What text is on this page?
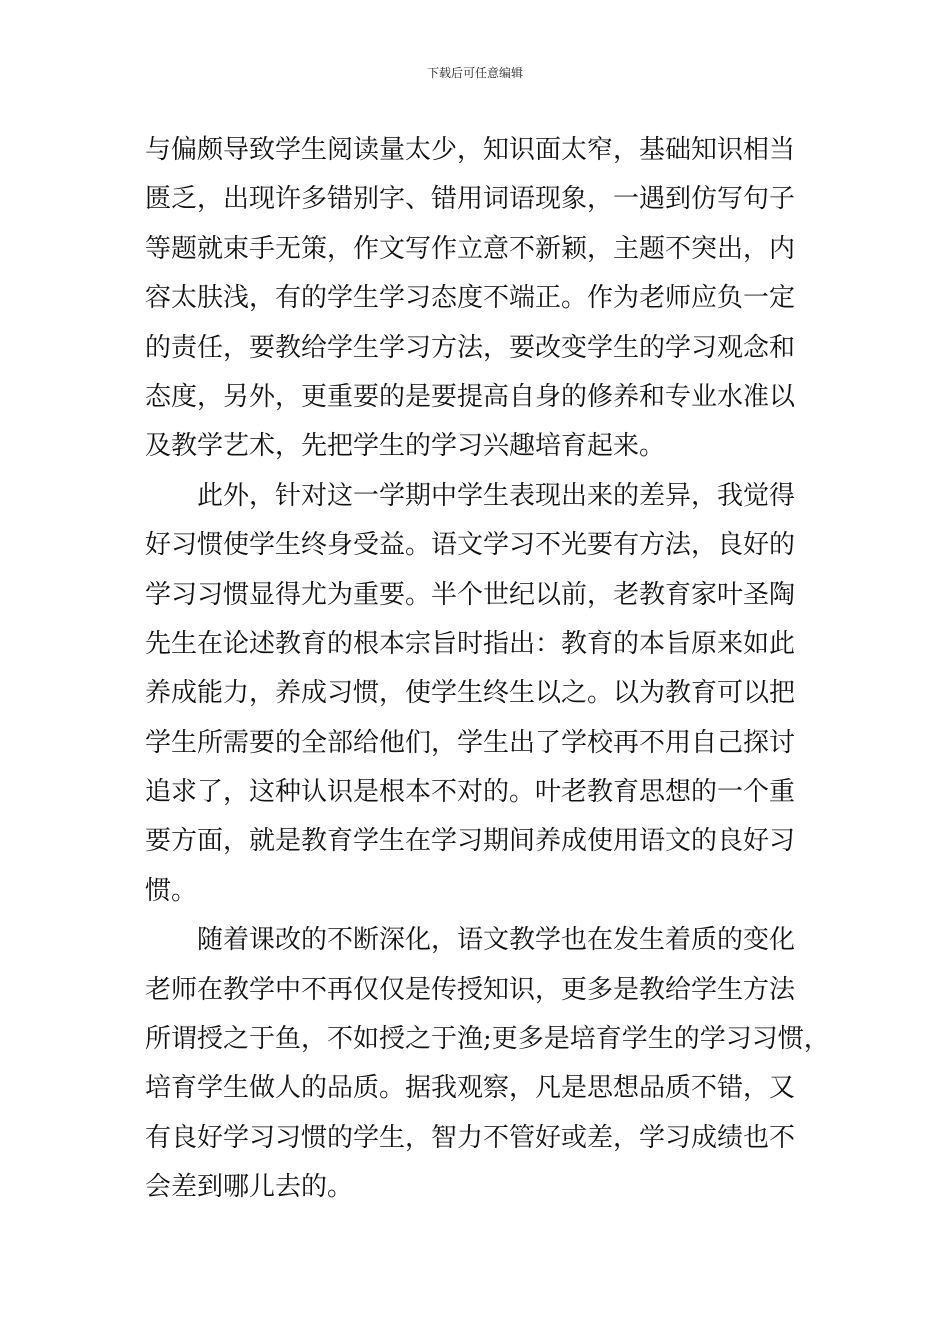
下载后可任意编辑
与偏颇导致学生阅读量太少，知识面太窄，基础知识相当
匮乏，出现许多错别字、错用词语现象，一遇到仿写句子
等题就束手无策，作文写作立意不新颖，主题不突出，内
容太肤浅，有的学生学习态度不端正。作为老师应负一定
的责任，要教给学生学习方法，要改变学生的学习观念和
态度，另外，更重要的是要提高自身的修养和专业水准以
及教学艺术，先把学生的学习兴趣培育起来。
　　此外，针对这一学期中学生表现出来的差异，我觉得
好习惯使学生终身受益。语文学习不光要有方法，良好的
学习习惯显得尤为重要。半个世纪以前，老教育家叶圣陶
先生在论述教育的根本宗旨时指出：教育的本旨原来如此
养成能力，养成习惯，使学生终生以之。以为教育可以把
学生所需要的全部给他们，学生出了学校再不用自己探讨
追求了，这种认识是根本不对的。叶老教育思想的一个重
要方面，就是教育学生在学习期间养成使用语文的良好习
惯。
　　随着课改的不断深化，语文教学也在发生着质的变化
老师在教学中不再仅仅是传授知识，更多是教给学生方法
所谓授之于鱼，不如授之于渔;更多是培育学生的学习习惯，
培育学生做人的品质。据我观察，凡是思想品质不错，又
有良好学习习惯的学生，智力不管好或差，学习成绩也不
会差到哪儿去的。
